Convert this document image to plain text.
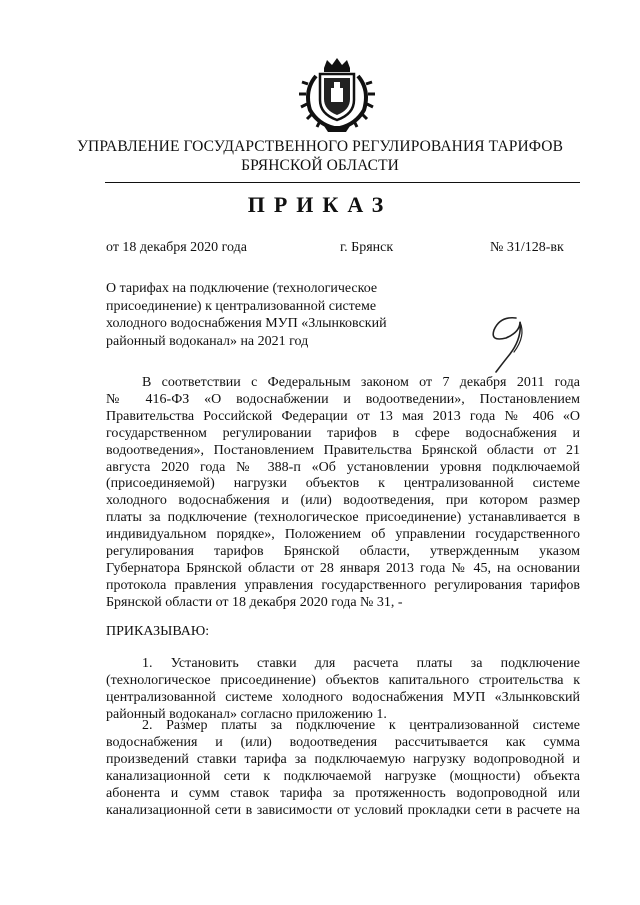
УПРАВЛЕНИЕ ГОСУДАРСТВЕННОГО РЕГУЛИРОВАНИЯ ТАРИФОВ
БРЯНСКОЙ ОБЛАСТИ
ПРИКАЗ
от 18 декабря 2020 года	г. Брянск	№ 31/128-вк
О тарифах на подключение (технологическое
присоединение) к централизованной системе
холодного водоснабжения МУП «Злынковский
районный водоканал» на 2021 год
В соответствии с Федеральным законом от 7 декабря 2011 года
№ 416-ФЗ «О водоснабжении и водоотведении», Постановлением
Правительства Российской Федерации от 13 мая 2013 года № 406 «О
государственном регулировании тарифов в сфере водоснабжения и
водоотведения», Постановлением Правительства Брянской области от 21
августа 2020 года № 388-п «Об установлении уровня подключаемой
(присоединяемой) нагрузки объектов к централизованной системе
холодного водоснабжения и (или) водоотведения, при котором размер
платы за подключение (технологическое присоединение) устанавливается в
индивидуальном порядке», Положением об управлении государственного
регулирования тарифов Брянской области, утвержденным указом
Губернатора Брянской области от 28 января 2013 года № 45, на основании
протокола правления управления государственного регулирования тарифов
Брянской области от 18 декабря 2020 года № 31, -
ПРИКАЗЫВАЮ:
1. Установить ставки для расчета платы за подключение
(технологическое присоединение) объектов капитального строительства к
централизованной системе холодного водоснабжения МУП «Злынковский
районный водоканал» согласно приложению 1.
2. Размер платы за подключение к централизованной системе
водоснабжения и (или) водоотведения рассчитывается как сумма
произведений ставки тарифа за подключаемую нагрузку водопроводной и
канализационной сети к подключаемой нагрузке (мощности) объекта
абонента и сумм ставок тарифа за протяженность водопроводной или
канализационной сети в зависимости от условий прокладки сети в расчете на
